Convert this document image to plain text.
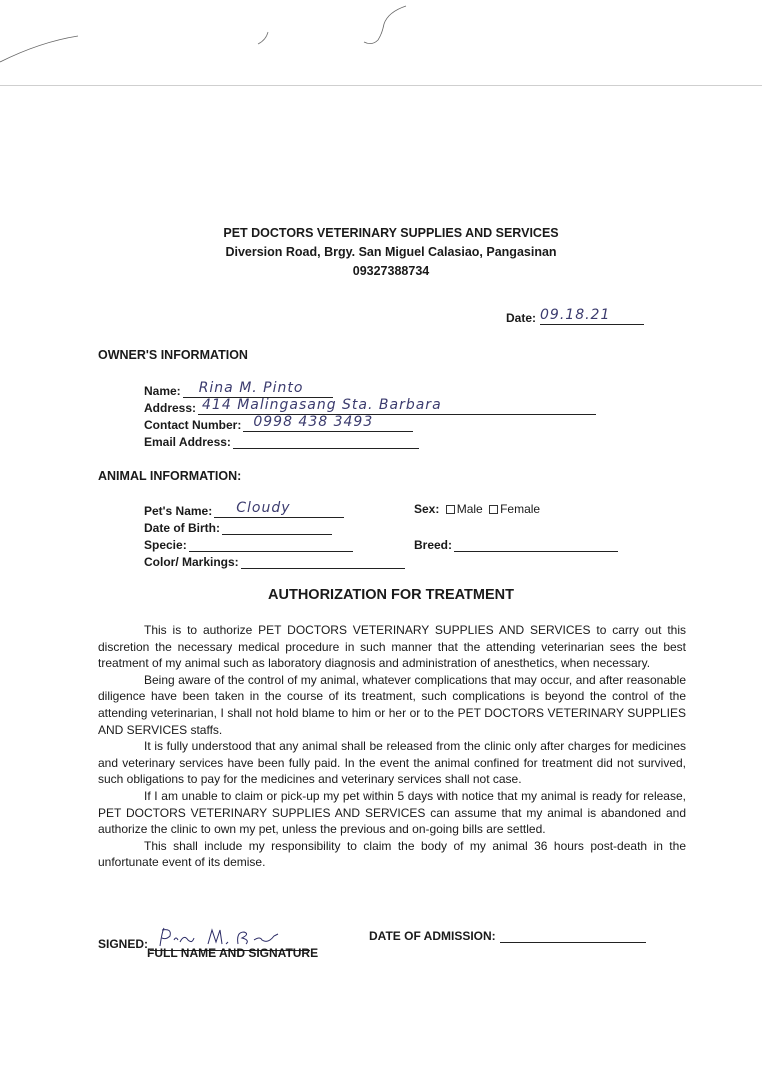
PET DOCTORS VETERINARY SUPPLIES AND SERVICES
Diversion Road, Brgy. San Miguel Calasiao, Pangasinan
09327388734
Date: 09.18.21
OWNER'S INFORMATION
Name: Rina M. Pinto
Address: 414 Malingasang Sta. Barbara
Contact Number: 0998 438 3493
Email Address:
ANIMAL INFORMATION:
Pet's Name: Cloudy
Date of Birth:
Specie:
Color/ Markings:
Sex: Male Female
Breed:
AUTHORIZATION FOR TREATMENT

This is to authorize PET DOCTORS VETERINARY SUPPLIES AND SERVICES to carry out this discretion the necessary medical procedure in such manner that the attending veterinarian sees the best treatment of my animal such as laboratory diagnosis and administration of anesthetics, when necessary.

Being aware of the control of my animal, whatever complications that may occur, and after reasonable diligence have been taken in the course of its treatment, such complications is beyond the control of the attending veterinarian, I shall not hold blame to him or her or to the PET DOCTORS VETERINARY SUPPLIES AND SERVICES staffs.

It is fully understood that any animal shall be released from the clinic only after charges for medicines and veterinary services have been fully paid. In the event the animal confined for treatment did not survived, such obligations to pay for the medicines and veterinary services shall not case.

If I am unable to claim or pick-up my pet within 5 days with notice that my animal is ready for release, PET DOCTORS VETERINARY SUPPLIES AND SERVICES can assume that my animal is abandoned and authorize the clinic to own my pet, unless the previous and on-going bills are settled.

This shall include my responsibility to claim the body of my animal 36 hours post-death in the unfortunate event of its demise.

SIGNED:
FULL NAME AND SIGNATURE
DATE OF ADMISSION:
